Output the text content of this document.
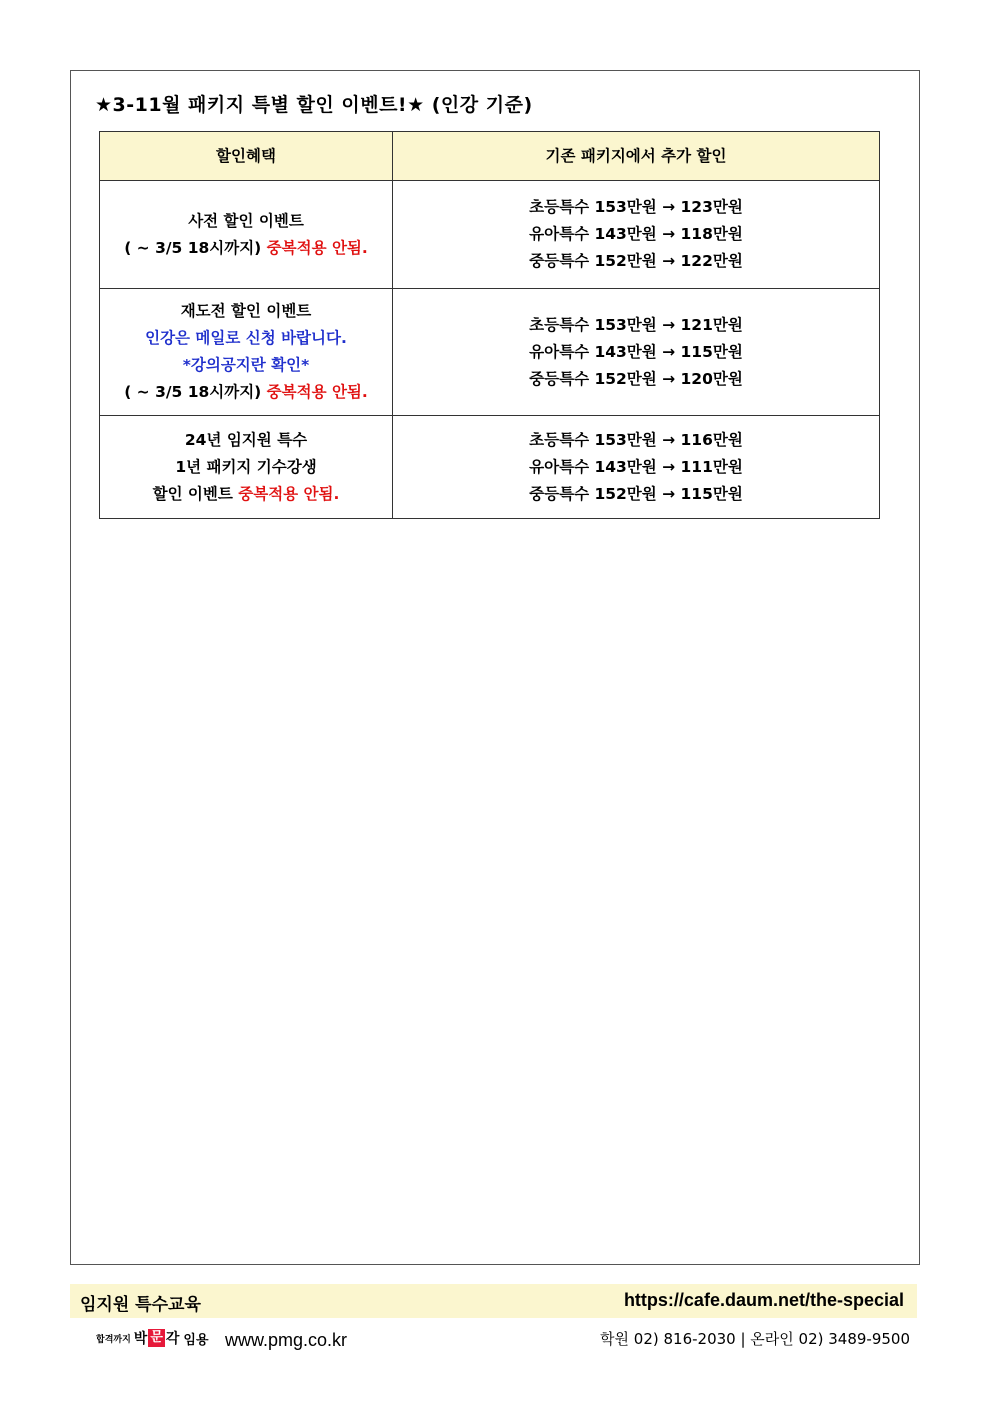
★3-11월 패키지 특별 할인 이벤트!★ (인강 기준)
할인혜택	기존 패키지에서 추가 할인

사전 할인 이벤트
( ~ 3/5 18시까지) 중복적용 안됨.	초등특수 153만원 → 123만원
유아특수 143만원 → 118만원
중등특수 152만원 → 122만원

재도전 할인 이벤트
인강은 메일로 신청 바랍니다.
*강의공지란 확인*
( ~ 3/5 18시까지) 중복적용 안됨.	초등특수 153만원 → 121만원
유아특수 143만원 → 115만원
중등특수 152만원 → 120만원

24년 임지원 특수
1년 패키지 기수강생
할인 이벤트 중복적용 안됨.	초등특수 153만원 → 116만원
유아특수 143만원 → 111만원
중등특수 152만원 → 115만원
임지원 특수교육	https://cafe.daum.net/the-special
합격까지 박 문 각 임용 www.pmg.co.kr	학원 02) 816-2030 | 온라인 02) 3489-9500
